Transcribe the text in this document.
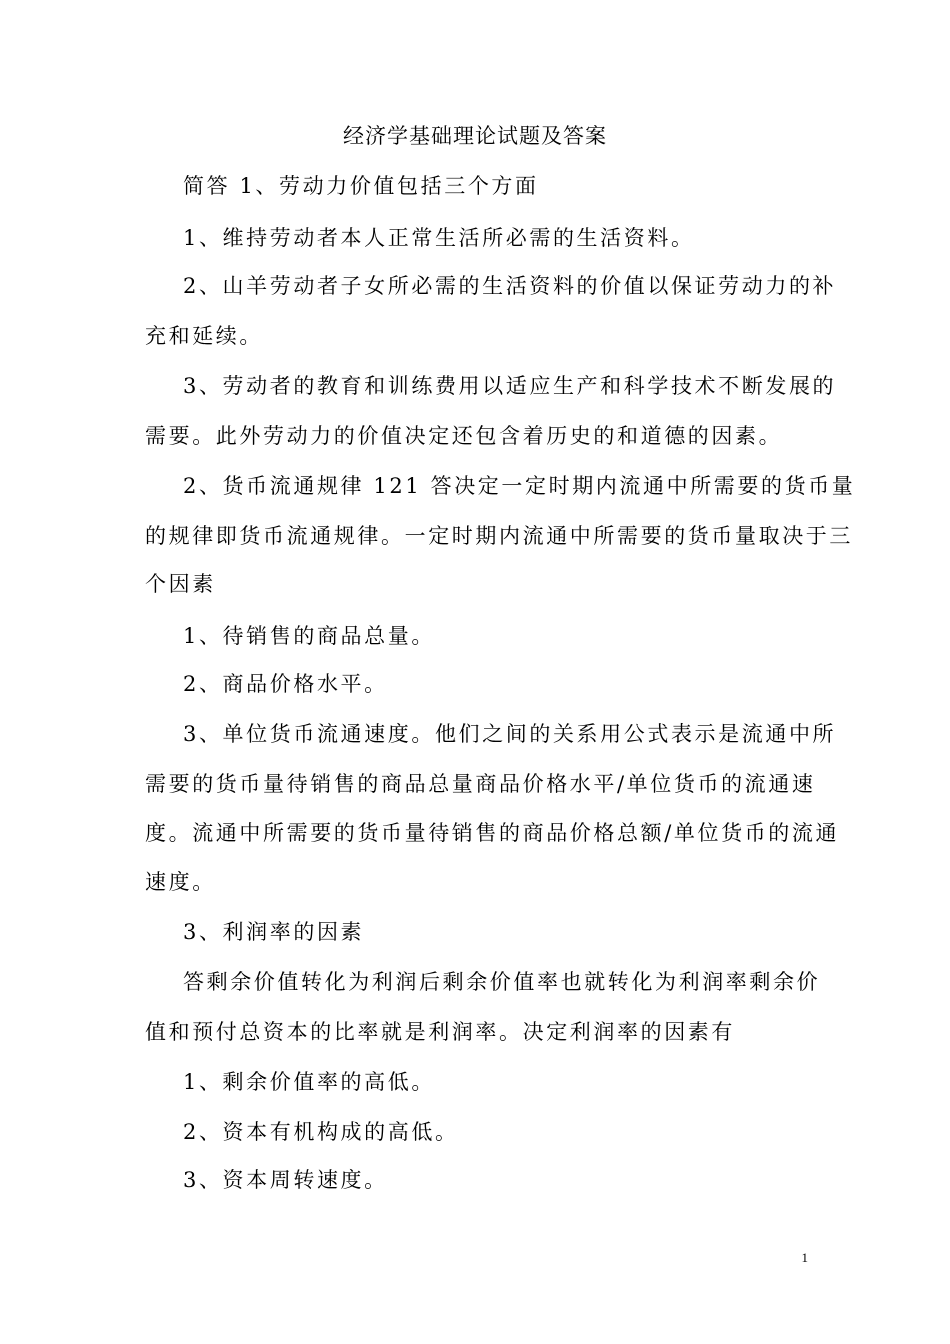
经济学基础理论试题及答案
简答 1、劳动力价值包括三个方面
1、维持劳动者本人正常生活所必需的生活资料。
2、山羊劳动者子女所必需的生活资料的价值以保证劳动力的补
充和延续。
3、劳动者的教育和训练费用以适应生产和科学技术不断发展的
需要。此外劳动力的价值决定还包含着历史的和道德的因素。
2、货币流通规律 121 答决定一定时期内流通中所需要的货币量
的规律即货币流通规律。一定时期内流通中所需要的货币量取决于三
个因素
1、待销售的商品总量。
2、商品价格水平。
3、单位货币流通速度。他们之间的关系用公式表示是流通中所
需要的货币量待销售的商品总量商品价格水平/单位货币的流通速
度。流通中所需要的货币量待销售的商品价格总额/单位货币的流通
速度。
3、利润率的因素
答剩余价值转化为利润后剩余价值率也就转化为利润率剩余价
值和预付总资本的比率就是利润率。决定利润率的因素有
1、剩余价值率的高低。
2、资本有机构成的高低。
3、资本周转速度。
1
